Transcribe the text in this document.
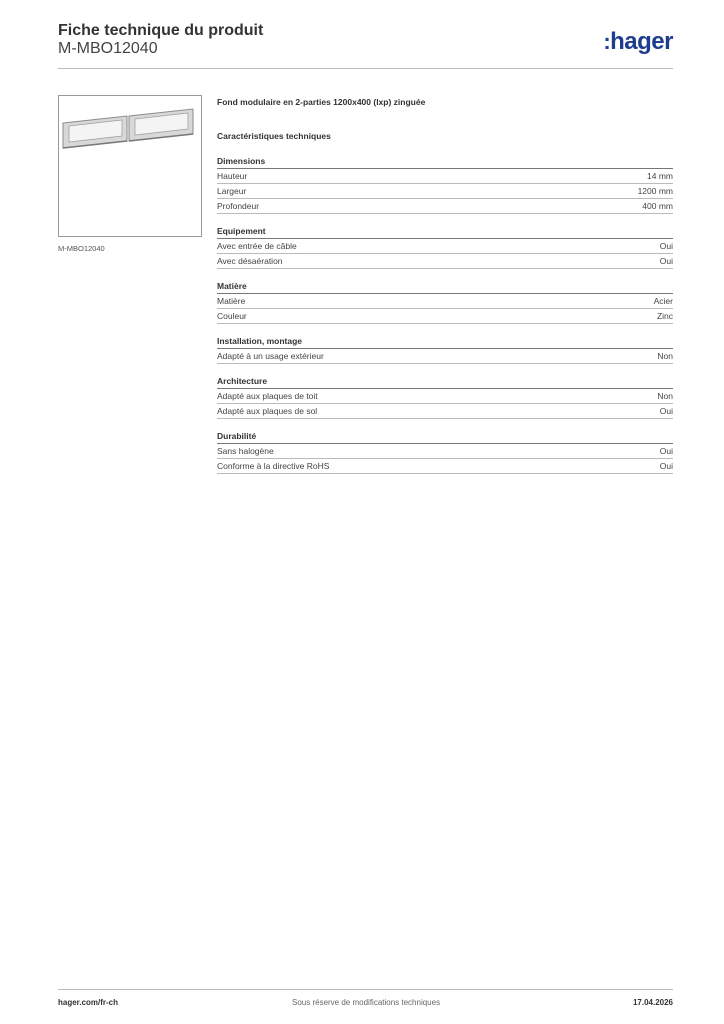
Fiche technique du produit
M-MBO12040	:hager
M-MBO12040
Fond modulaire en 2-parties 1200x400 (lxp) zinguée
Caractéristiques techniques
Dimensions
Hauteur	14 mm
Largeur	1200 mm
Profondeur	400 mm
Equipement
Avec entrée de câble	Oui
Avec désaération	Oui
Matière
Matière	Acier
Couleur	Zinc
Installation, montage
Adapté à un usage extérieur	Non
Architecture
Adapté aux plaques de toit	Non
Adapté aux plaques de sol	Oui
Durabilité
Sans halogène	Oui
Conforme à la directive RoHS	Oui
hager.com/fr-ch	Sous réserve de modifications techniques	17.04.2026
